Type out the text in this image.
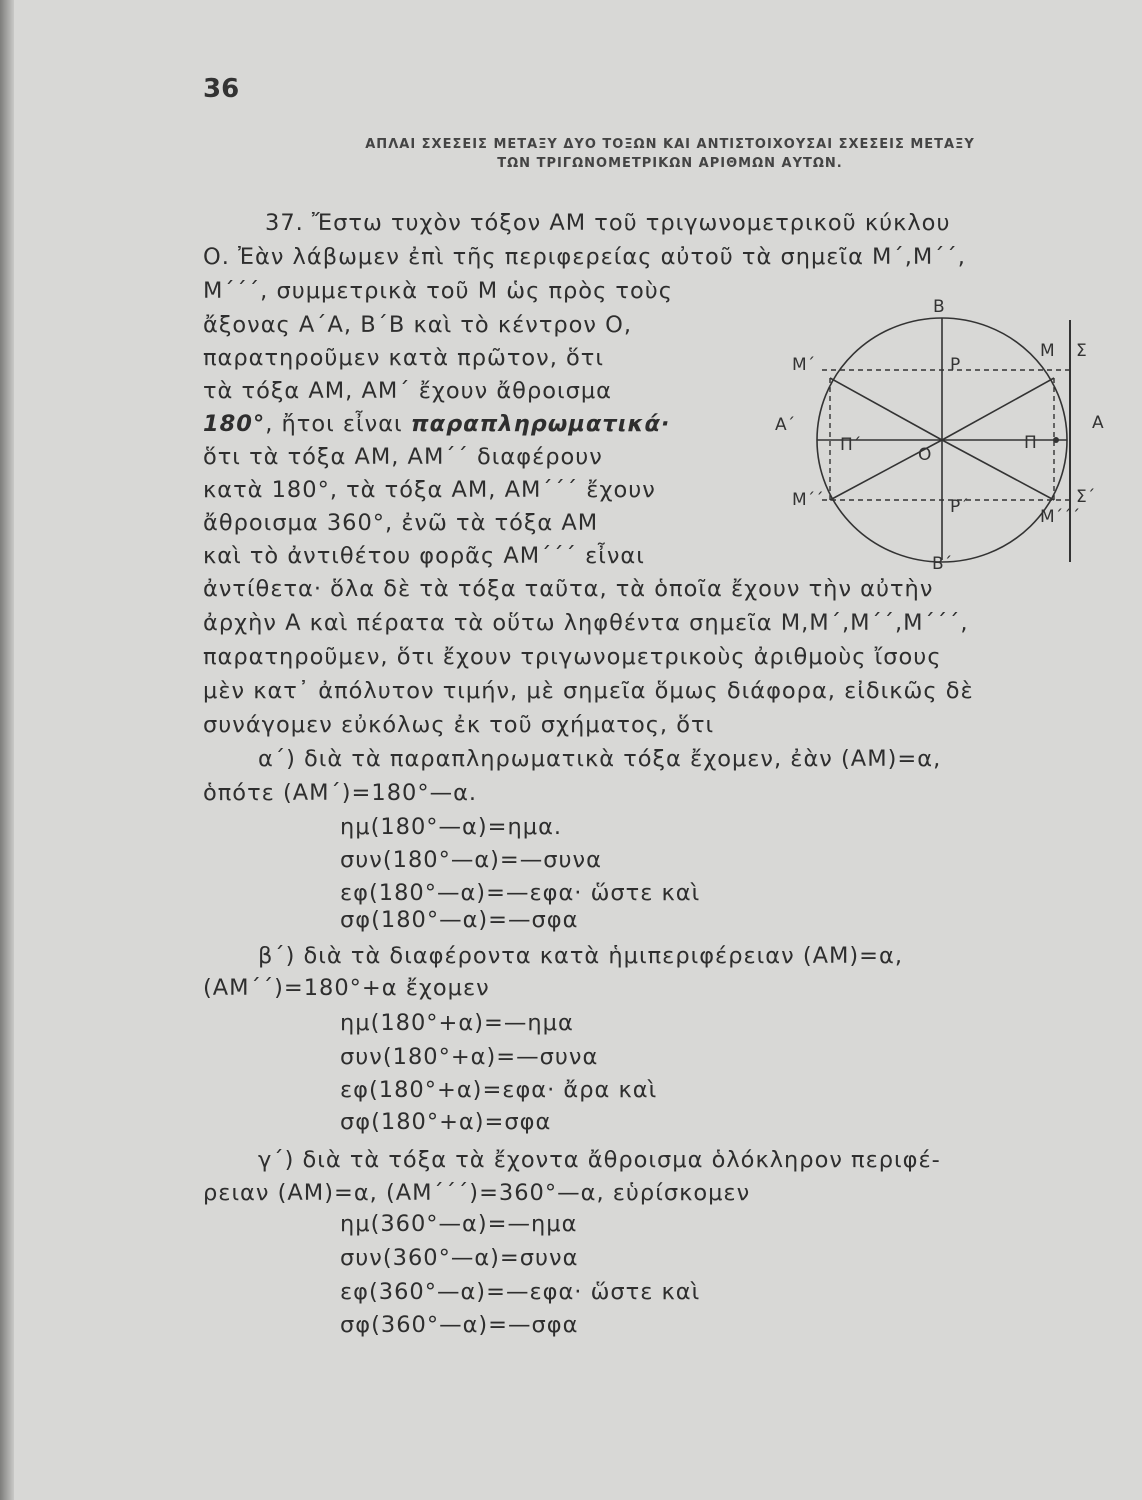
36
ΑΠΛΑΙ ΣΧΕΣΕΙΣ ΜΕΤΑΞΥ ΔΥΟ ΤΟΞΩΝ ΚΑΙ ΑΝΤΙΣΤΟΙΧΟΥΣΑΙ ΣΧΕΣΕΙΣ ΜΕΤΑΞΥ
ΤΩΝ ΤΡΙΓΩΝΟΜΕΤΡΙΚΩΝ ΑΡΙΘΜΩΝ ΑΥΤΩΝ.
37. Ἔστω τυχὸν τόξον ΑΜ τοῦ τριγωνομετρικοῦ κύκλου
Ο. Ἐὰν λάβωμεν ἐπὶ τῆς περιφερείας αὐτοῦ τὰ σημεῖα Μ΄,Μ΄΄,
Μ΄΄΄, συμμετρικὰ τοῦ Μ ὡς πρὸς τοὺς
ἄξονας Α΄Α, Β΄Β καὶ τὸ κέντρον Ο,
παρατηροῦμεν κατὰ πρῶτον, ὅτι
τὰ τόξα ΑΜ, ΑΜ΄ ἔχουν ἄθροισμα
180°, ἤτοι εἶναι παραπληρωματικά·
ὅτι τὰ τόξα ΑΜ, ΑΜ΄΄ διαφέρουν
κατὰ 180°, τὰ τόξα ΑΜ, ΑΜ΄΄΄ ἔχουν
ἄθροισμα 360°, ἐνῶ τὰ τόξα ΑΜ
καὶ τὸ ἀντιθέτου φορᾶς ΑΜ΄΄΄ εἶναι
ἀντίθετα· ὅλα δὲ τὰ τόξα ταῦτα, τὰ ὁποῖα ἔχουν τὴν αὐτὴν
ἀρχὴν Α καὶ πέρατα τὰ οὕτω ληφθέντα σημεῖα Μ,Μ΄,Μ΄΄,Μ΄΄΄,
παρατηροῦμεν, ὅτι ἔχουν τριγωνομετρικοὺς ἀριθμοὺς ἴσους
μὲν κατ᾽ ἀπόλυτον τιμήν, μὲ σημεῖα ὅμως διάφορα, εἰδικῶς δὲ
συνάγομεν εὐκόλως ἐκ τοῦ σχήματος, ὅτι
α΄) διὰ τὰ παραπληρωματικὰ τόξα ἔχομεν, ἐὰν (ΑΜ)=α,
ὁπότε (ΑΜ΄)=180°—α.
ημ(180°—α)=ημα.
συν(180°—α)=—συνα
εφ(180°—α)=—εφα· ὥστε καὶ
σφ(180°—α)=—σφα
β΄) διὰ τὰ διαφέροντα κατὰ ἡμιπεριφέρειαν (ΑΜ)=α,
(ΑΜ΄΄)=180°+α ἔχομεν
ημ(180°+α)=—ημα
συν(180°+α)=—συνα
εφ(180°+α)=εφα· ἄρα καὶ
σφ(180°+α)=σφα
γ΄) διὰ τὰ τόξα τὰ ἔχοντα ἄθροισμα ὁλόκληρον περιφέ-
ρειαν (ΑΜ)=α, (ΑΜ΄΄΄)=360°—α, εὑρίσκομεν
ημ(360°—α)=—ημα
συν(360°—α)=συνα
εφ(360°—α)=—εφα· ὥστε καὶ
σφ(360°—α)=—σφα
Β
Β΄
Ρ
Ρ΄
Ο
Α
Α΄
Μ
Μ΄
Μ΄΄
Μ΄΄΄
Π΄	Π
Σ
Σ΄
